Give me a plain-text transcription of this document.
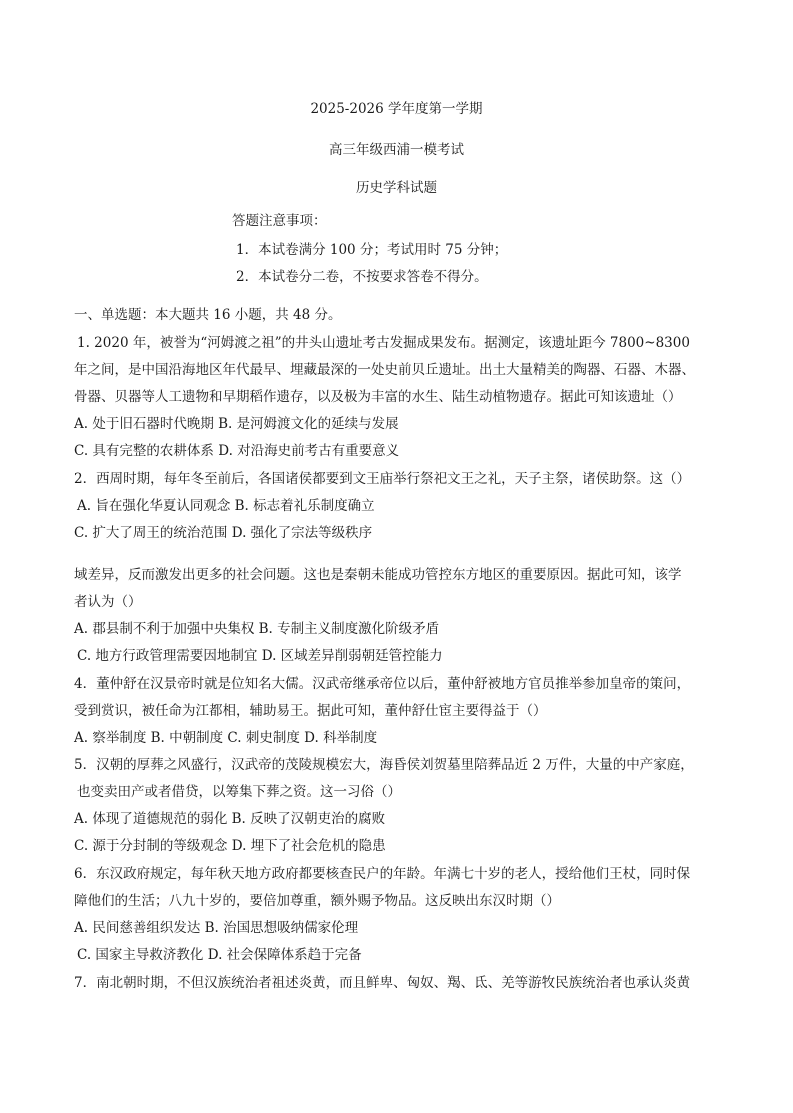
2025-2026 学年度第一学期
高三年级西浦一模考试
历史学科试题
答题注意事项：
1．本试卷满分 100 分；考试用时 75 分钟；
2．本试卷分二卷，不按要求答卷不得分。
一、单选题：本大题共 16 小题，共 48 分。
1. 2020 年，被誉为“河姆渡之祖”的井头山遗址考古发掘成果发布。据测定，该遗址距今 7800~8300
年之间，是中国沿海地区年代最早、埋藏最深的一处史前贝丘遗址。出土大量精美的陶器、石器、木器、
骨器、贝器等人工遗物和早期稻作遗存，以及极为丰富的水生、陆生动植物遗存。据此可知该遗址（）
A. 处于旧石器时代晚期 B. 是河姆渡文化的延续与发展
C. 具有完整的农耕体系 D. 对沿海史前考古有重要意义
2．西周时期，每年冬至前后，各国诸侯都要到文王庙举行祭祀文王之礼，天子主祭，诸侯助祭。这（）
A. 旨在强化华夏认同观念 B. 标志着礼乐制度确立
C. 扩大了周王的统治范围 D. 强化了宗法等级秩序
域差异，反而激发出更多的社会问题。这也是秦朝未能成功管控东方地区的重要原因。据此可知，该学
者认为（）
A. 郡县制不利于加强中央集权 B. 专制主义制度激化阶级矛盾
C. 地方行政管理需要因地制宜 D. 区域差异削弱朝廷管控能力
4．董仲舒在汉景帝时就是位知名大儒。汉武帝继承帝位以后，董仲舒被地方官员推举参加皇帝的策问，
受到赏识，被任命为江都相，辅助易王。据此可知，董仲舒仕宦主要得益于（）
A. 察举制度 B. 中朝制度 C. 刺史制度 D. 科举制度
5．汉朝的厚葬之风盛行，汉武帝的茂陵规模宏大，海昏侯刘贺墓里陪葬品近 2 万件，大量的中产家庭，
也变卖田产或者借贷，以筹集下葬之资。这一习俗（）
A. 体现了道德规范的弱化 B. 反映了汉朝吏治的腐败
C. 源于分封制的等级观念 D. 埋下了社会危机的隐患
6．东汉政府规定，每年秋天地方政府都要核查民户的年龄。年满七十岁的老人，授给他们王杖，同时保
障他们的生活；八九十岁的，要倍加尊重，额外赐予物品。这反映出东汉时期（）
A. 民间慈善组织发达 B. 治国思想吸纳儒家伦理
C. 国家主导救济教化 D. 社会保障体系趋于完备
7．南北朝时期，不但汉族统治者祖述炎黄，而且鲜卑、匈奴、羯、氐、羌等游牧民族统治者也承认炎黄
